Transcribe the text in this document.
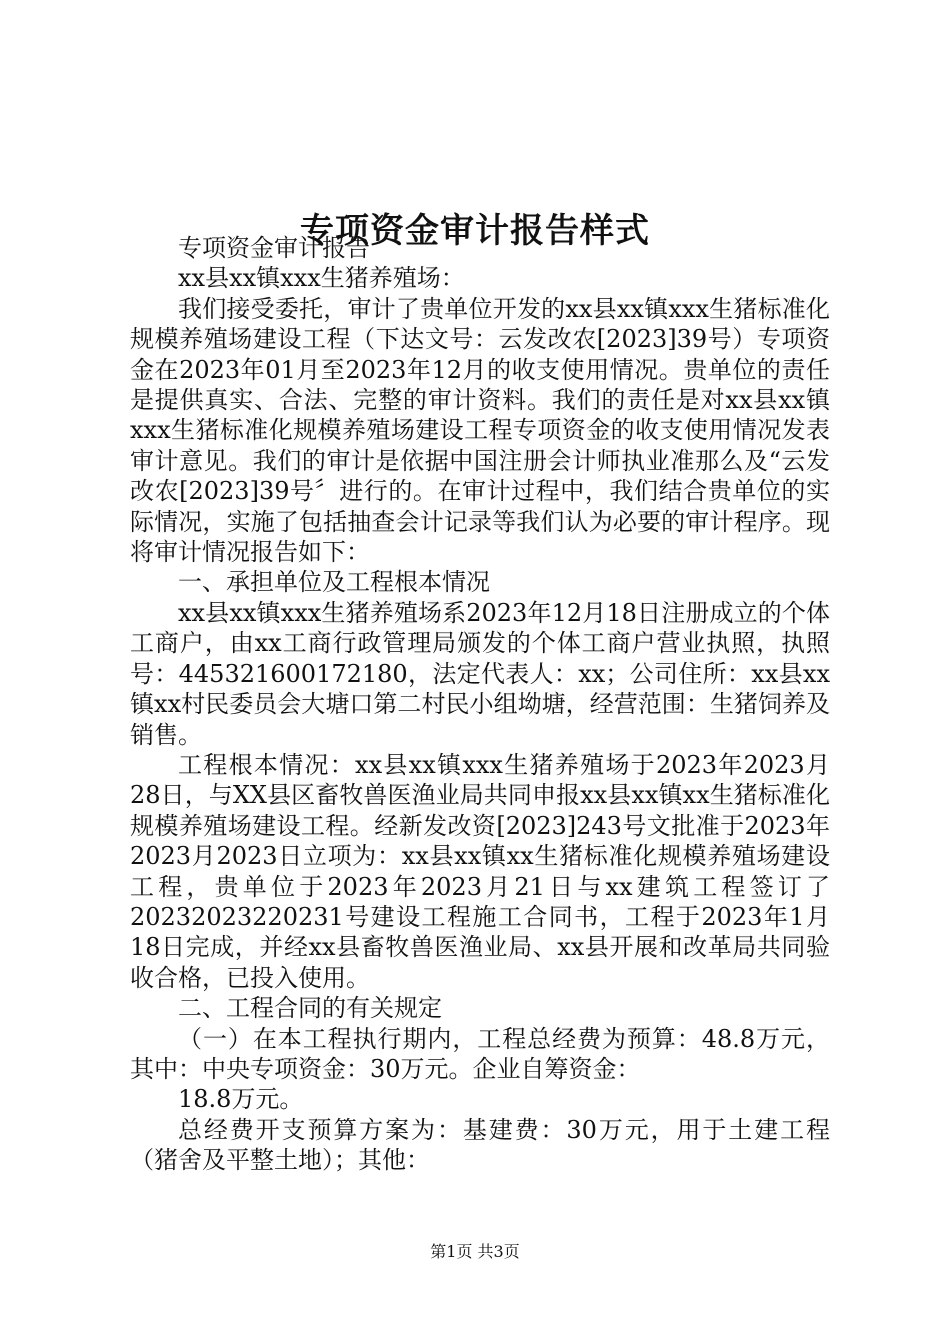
专项资金审计报告样式

专项资金审计报告

xx县xx镇xxx生猪养殖场：

我们接受委托，审计了贵单位开发的xx县xx镇xxx生猪标准化规模养殖场建设工程（下达文号：云发改农[2023]39号）专项资金在2023年01月至2023年12月的收支使用情况。贵单位的责任是提供真实、合法、完整的审计资料。我们的责任是对xx县xx镇xxx生猪标准化规模养殖场建设工程专项资金的收支使用情况发表审计意见。我们的审计是依据中国注册会计师执业准那么及“云发改农[2023]39号〞进行的。在审计过程中，我们结合贵单位的实际情况，实施了包括抽查会计记录等我们认为必要的审计程序。现将审计情况报告如下：

一、承担单位及工程根本情况

xx县xx镇xxx生猪养殖场系2023年12月18日注册成立的个体工商户，由xx工商行政管理局颁发的个体工商户营业执照，执照号：445321600172180，法定代表人：xx；公司住所：xx县xx镇xx村民委员会大塘口第二村民小组坳塘，经营范围：生猪饲养及销售。

工程根本情况：xx县xx镇xxx生猪养殖场于2023年2023月28日，与XX县区畜牧兽医渔业局共同申报xx县xx镇xx生猪标准化规模养殖场建设工程。经新发改资[2023]243号文批准于2023年2023月2023日立项为：xx县xx镇xx生猪标准化规模养殖场建设工程，贵单位于2023年2023月21日与xx建筑工程签订了20232023220231号建设工程施工合同书，工程于2023年1月18日完成，并经xx县畜牧兽医渔业局、xx县开展和改革局共同验收合格，已投入使用。

二、工程合同的有关规定

（一）在本工程执行期内，工程总经费为预算：48.8万元，其中：中央专项资金：30万元。企业自筹资金：

18.8万元。

总经费开支预算方案为：基建费：30万元，用于土建工程（猪舍及平整土地）；其他：

第1页 共3页
